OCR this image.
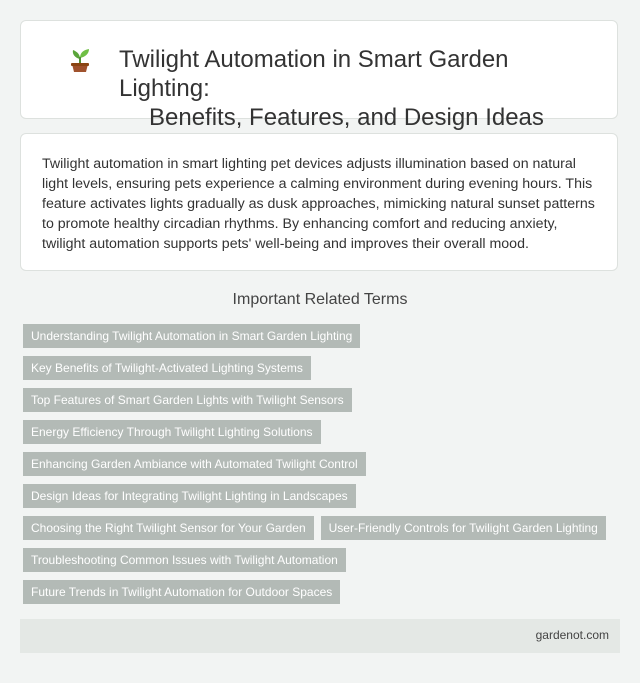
Twilight Automation in Smart Garden Lighting:

Benefits, Features, and Design Ideas

Twilight automation in smart lighting pet devices adjusts illumination based on natural light levels, ensuring pets experience a calming environment during evening hours. This feature activates lights gradually as dusk approaches, mimicking natural sunset patterns to promote healthy circadian rhythms. By enhancing comfort and reducing anxiety, twilight automation supports pets' well-being and improves their overall mood.

Important Related Terms
Understanding Twilight Automation in Smart Garden Lighting
Key Benefits of Twilight-Activated Lighting Systems
Top Features of Smart Garden Lights with Twilight Sensors
Energy Efficiency Through Twilight Lighting Solutions
Enhancing Garden Ambiance with Automated Twilight Control
Design Ideas for Integrating Twilight Lighting in Landscapes
Choosing the Right Twilight Sensor for Your Garden	User-Friendly Controls for Twilight Garden Lighting
Troubleshooting Common Issues with Twilight Automation
Future Trends in Twilight Automation for Outdoor Spaces
gardenot.com
